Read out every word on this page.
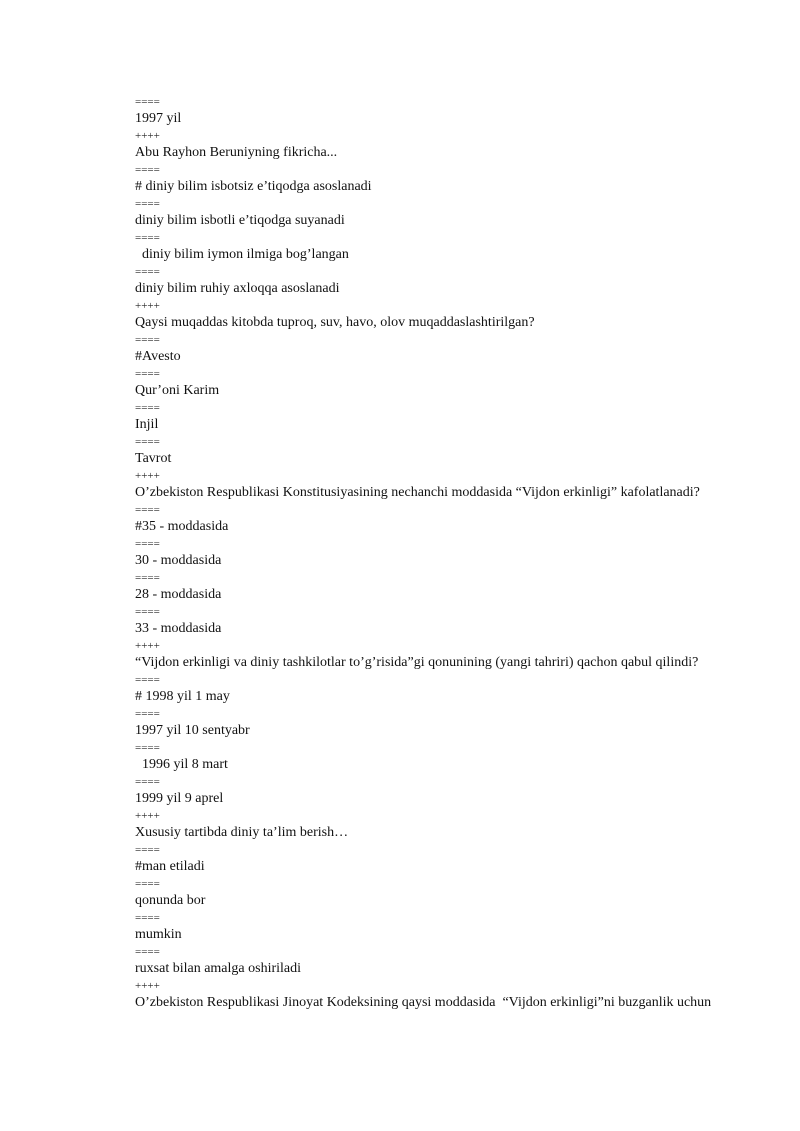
====
1997 yil
++++
Abu Rayhon Beruniyning fikricha...
====
# diniy bilim isbotsiz e’tiqodga asoslanadi
====
diniy bilim isbotli e’tiqodga suyanadi
====
diniy bilim iymon ilmiga bog’langan
====
diniy bilim ruhiy axloqqa asoslanadi
++++
Qaysi muqaddas kitobda tuproq, suv, havo, olov muqaddaslashtirilgan?
====
#Avesto
====
Qur’oni Karim
====
Injil
====
Tavrot
++++
O’zbekiston Respublikasi Konstitusiyasining nechanchi moddasida “Vijdon erkinligi” kafolatlanadi?
====
#35 - moddasida
====
30 - moddasida
====
28 - moddasida
====
33 - moddasida
++++
“Vijdon erkinligi va diniy tashkilotlar to’g’risida”gi qonunining (yangi tahriri) qachon qabul qilindi?
====
# 1998 yil 1 may
====
1997 yil 10 sentyabr
====
1996 yil 8 mart
====
1999 yil 9 aprel
++++
Xususiy tartibda diniy ta’lim berish…
====
#man etiladi
====
qonunda bor
====
mumkin
====
ruxsat bilan amalga oshiriladi
++++
O’zbekiston Respublikasi Jinoyat Kodeksining qaysi moddasida  “Vijdon erkinligi”ni buzganlik uchun
